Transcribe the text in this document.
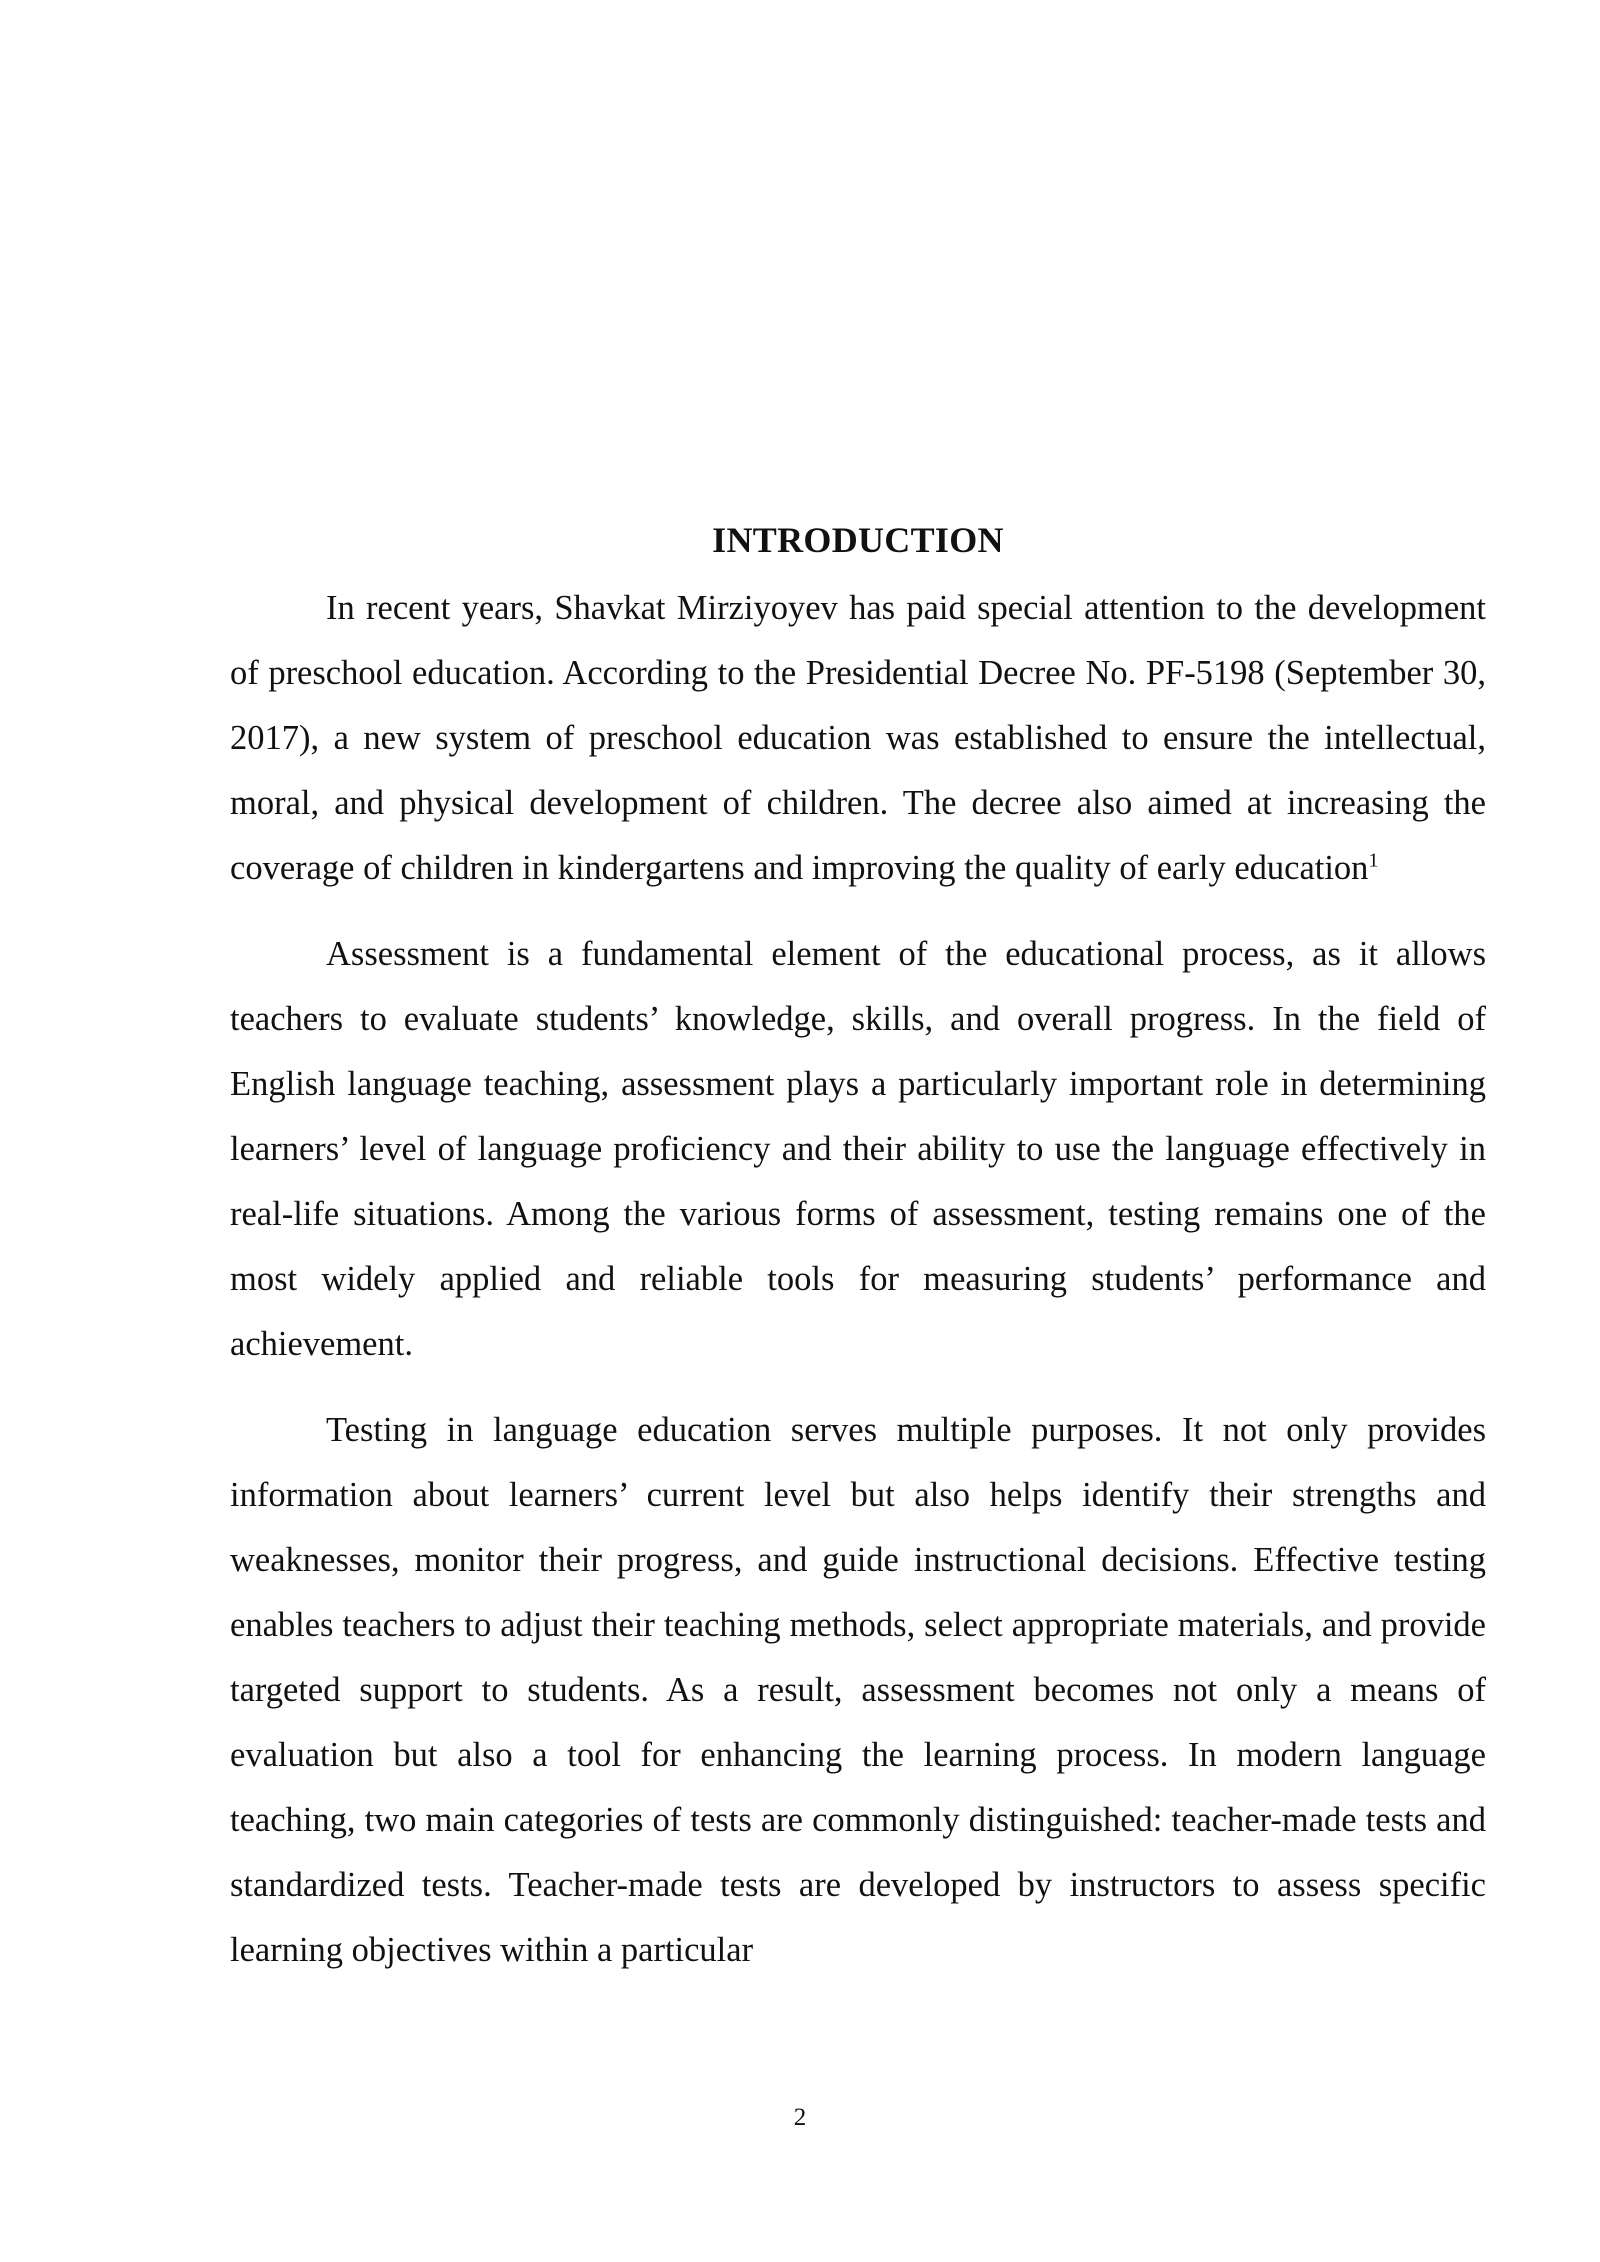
INTRODUCTION

In recent years, Shavkat Mirziyoyev has paid special attention to the development of preschool education. According to the Presidential Decree No. PF-5198 (September 30, 2017), a new system of preschool education was established to ensure the intellectual, moral, and physical development of children. The decree also aimed at increasing the coverage of children in kindergartens and improving the quality of early education$^1$

Assessment is a fundamental element of the educational process, as it allows teachers to evaluate students’ knowledge, skills, and overall progress. In the field of English language teaching, assessment plays a particularly important role in determining learners’ level of language proficiency and their ability to use the language effectively in real-life situations. Among the various forms of assessment, testing remains one of the most widely applied and reliable tools for measuring students’ performance and achievement.

Testing in language education serves multiple purposes. It not only provides information about learners’ current level but also helps identify their strengths and weaknesses, monitor their progress, and guide instructional decisions. Effective testing enables teachers to adjust their teaching methods, select appropriate materials, and provide targeted support to students. As a result, assessment becomes not only a means of evaluation but also a tool for enhancing the learning process. In modern language teaching, two main categories of tests are commonly distinguished: teacher-made tests and standardized tests. Teacher-made tests are developed by instructors to assess specific learning objectives within a particular

2
